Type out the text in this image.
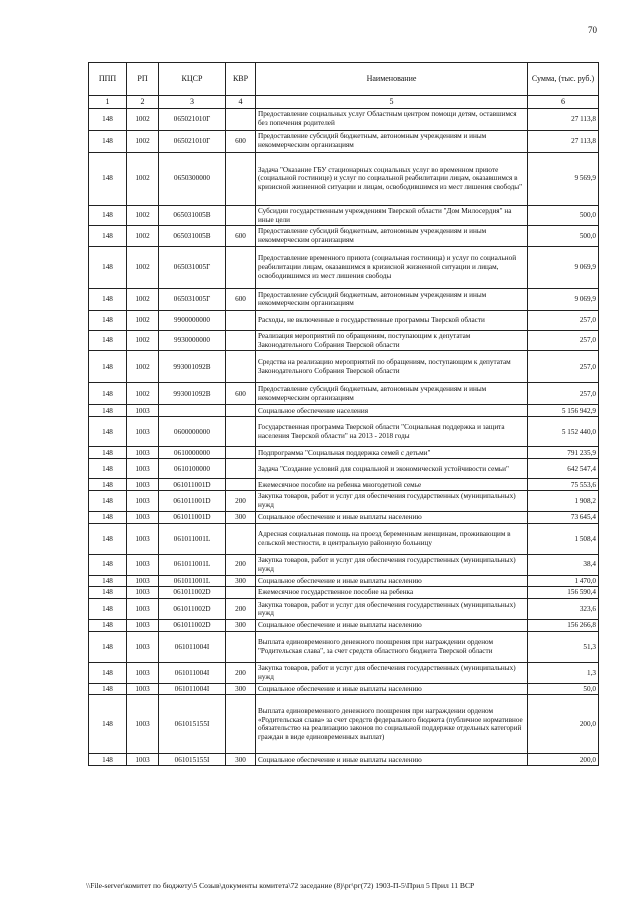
70
ППП	РП	КЦСР	КВР	Наименование	Сумма, (тыс. руб.)
1	2	3	4	5	6
148	1002	065021010Г		Предоставление социальных услуг Областным центром помощи детям, оставшимся без попечения родителей	27 113,8
148	1002	065021010Г	600	Предоставление субсидий бюджетным, автономным учреждениям и иным некоммерческим организациям	27 113,8
148	1002	0650300000		Задача "Оказание ГБУ стационарных социальных услуг во временном приюте (социальной гостинице) и услуг по социальной реабилитации лицам, оказавшимся в кризисной жизненной ситуации и лицам, освободившимся из мест лишения свободы"	9 569,9
148	1002	065031005В		Субсидии государственным учреждениям Тверской области "Дом Милосердия" на иные цели	500,0
148	1002	065031005В	600	Предоставление субсидий бюджетным, автономным учреждениям и иным некоммерческим организациям	500,0
148	1002	065031005Г		Предоставление временного приюта (социальная гостиница) и услуг по социальной реабилитации лицам, оказавшимся в кризисной жизненной ситуации и лицам, освободившимся из мест лишения свободы	9 069,9
148	1002	065031005Г	600	Предоставление субсидий бюджетным, автономным учреждениям и иным некоммерческим организациям	9 069,9
148	1002	9900000000		Расходы, не включенные в государственные программы Тверской области	257,0
148	1002	9930000000		Реализация мероприятий по обращениям, поступающим к депутатам Законодательного Собрания Тверской области	257,0
148	1002	993001092В		Средства на реализацию мероприятий по обращениям, поступающим к депутатам Законодательного Собрания Тверской области	257,0
148	1002	993001092В	600	Предоставление субсидий бюджетным, автономным учреждениям и иным некоммерческим организациям	257,0
148	1003			Социальное обеспечение населения	5 156 942,9
148	1003	0600000000		Государственная программа Тверской области "Социальная поддержка и защита населения Тверской области" на 2013 - 2018 годы	5 152 440,0
148	1003	0610000000		Подпрограмма "Социальная поддержка семей с детьми"	791 235,9
148	1003	0610100000		Задача "Создание условий для социальной и экономической устойчивости семьи"	642 547,4
148	1003	061011001D		Ежемесячное пособие на ребенка многодетной семье	75 553,6
148	1003	061011001D	200	Закупка товаров, работ и услуг для обеспечения государственных (муниципальных) нужд	1 908,2
148	1003	061011001D	300	Социальное обеспечение и иные выплаты населению	73 645,4
148	1003	061011001L		Адресная социальная помощь на проезд беременным женщинам, проживающим в сельской местности, в центральную районную больницу	1 508,4
148	1003	061011001L	200	Закупка товаров, работ и услуг для обеспечения государственных (муниципальных) нужд	38,4
148	1003	061011001L	300	Социальное обеспечение и иные выплаты населению	1 470,0
148	1003	061011002D		Ежемесячное государственное пособие на ребенка	156 590,4
148	1003	061011002D	200	Закупка товаров, работ и услуг для обеспечения государственных (муниципальных) нужд	323,6
148	1003	061011002D	300	Социальное обеспечение и иные выплаты населению	156 266,8
148	1003	061011004I		Выплата единовременного денежного поощрения при награждении орденом "Родительская слава", за счет средств областного бюджета Тверской области	51,3
148	1003	061011004I	200	Закупка товаров, работ и услуг для обеспечения государственных (муниципальных) нужд	1,3
148	1003	061011004I	300	Социальное обеспечение и иные выплаты населению	50,0
148	1003	061015155I		Выплата единовременного денежного поощрения при награждении орденом «Родительская слава» за счет средств федерального бюджета (публичное нормативное обязательство на реализацию законов по социальной поддержке отдельных категорий граждан в виде единовременных выплат)	200,0
148	1003	061015155I	300	Социальное обеспечение и иные выплаты населению	200,0
\\File-server\комитет по бюджету\5 Созыв\документы комитета\72 заседание (8)\рг\рг(72) 1903-П-5\Прил 5 Прил 11 ВСР
